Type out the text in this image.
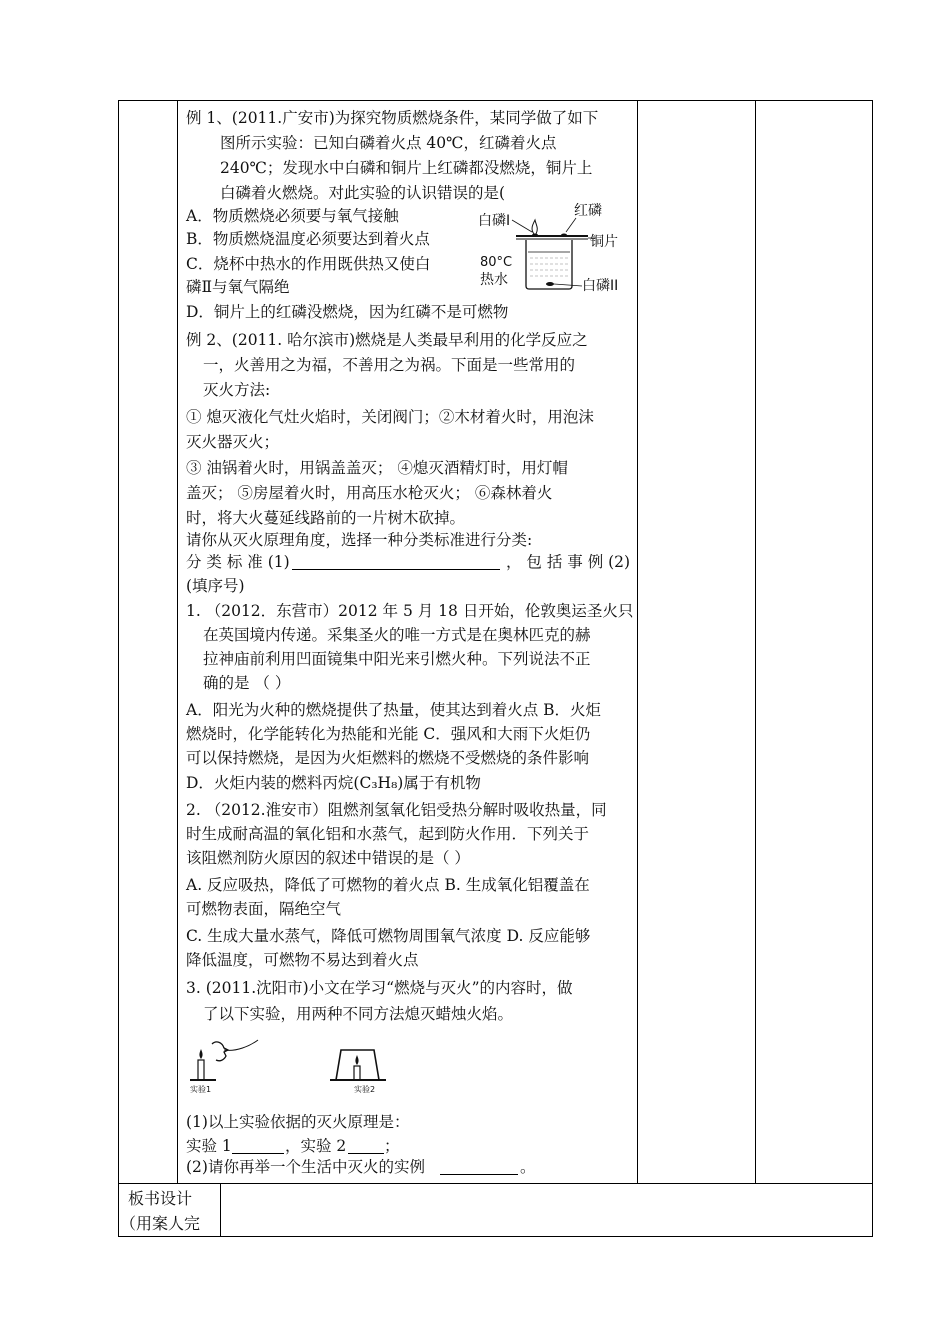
例 1、(2011.广安市)为探究物质燃烧条件，某同学做了如下
图所示实验：已知白磷着火点 40℃，红磷着火点
240℃；发现水中白磷和铜片上红磷都没燃烧，铜片上
白磷着火燃烧。对此实验的认识错误的是(
A．物质燃烧必须要与氧气接触
B．物质燃烧温度必须要达到着火点
C．烧杯中热水的作用既供热又使白
磷Ⅱ与氧气隔绝
D．铜片上的红磷没燃烧，因为红磷不是可燃物
白磷Ⅰ
红磷
铜片
80°C
热水	白磷II
例 2、(2011. 哈尔滨市)燃烧是人类最早利用的化学反应之
一，火善用之为福，不善用之为祸。下面是一些常用的
灭火方法:
① 熄灭液化气灶火焰时，关闭阀门；②木材着火时，用泡沫
灭火器灭火；
③ 油锅着火时，用锅盖盖灭； ④熄灭酒精灯时，用灯帽
盖灭； ⑤房屋着火时，用高压水枪灭火； ⑥森林着火
时，将大火蔓延线路前的一片树木砍掉。
请你从灭火原理角度，选择一种分类标准进行分类:
分 类 标 准 (1)	， 包 括 事 例 (2)
(填序号)
1. （2012．东营市）2012 年 5 月 18 日开始，伦敦奥运圣火只
在英国境内传递。采集圣火的唯一方式是在奥林匹克的赫
拉神庙前利用凹面镜集中阳光来引燃火种。下列说法不正
确的是 （ ）
A．阳光为火种的燃烧提供了热量，使其达到着火点 B．火炬
燃烧时，化学能转化为热能和光能 C．强风和大雨下火炬仍
可以保持燃烧，是因为火炬燃料的燃烧不受燃烧的条件影响
D．火炬内装的燃料丙烷(C₃H₈)属于有机物
2. （2012.淮安市）阻燃剂氢氧化铝受热分解时吸收热量，同
时生成耐高温的氧化铝和水蒸气，起到防火作用．下列关于
该阻燃剂防火原因的叙述中错误的是（ ）
A. 反应吸热，降低了可燃物的着火点 B. 生成氧化铝覆盖在
可燃物表面，隔绝空气
C. 生成大量水蒸气，降低可燃物周围氧气浓度 D. 反应能够
降低温度，可燃物不易达到着火点
3. (2011.沈阳市)小文在学习“燃烧与灭火”的内容时，做
了以下实验，用两种不同方法熄灭蜡烛火焰。
实验1	实验2
(1)以上实验依据的灭火原理是：
实验 1	，实验 2 ；
(2)请你再举一个生活中灭火的实例	。
板书设计
（用案人完
